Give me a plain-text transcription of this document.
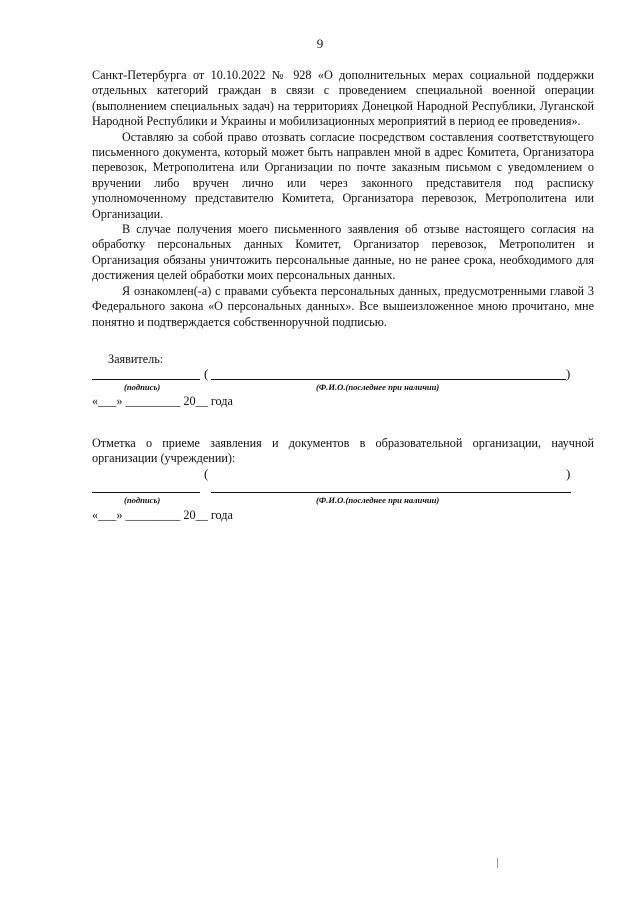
9

Санкт-Петербурга от 10.10.2022 № 928 «О дополнительных мерах социальной поддержки отдельных категорий граждан в связи с проведением специальной военной операции (выполнением специальных задач) на территориях Донецкой Народной Республики, Луганской Народной Республики и Украины и мобилизационных мероприятий в период ее проведения».

Оставляю за собой право отозвать согласие посредством составления соответствующего письменного документа, который может быть направлен мной в адрес Комитета, Организатора перевозок, Метрополитена или Организации по почте заказным письмом с уведомлением о вручении либо вручен лично или через законного представителя под расписку уполномоченному представителю Комитета, Организатора перевозок, Метрополитена или Организации.

В случае получения моего письменного заявления об отзыве настоящего согласия на обработку персональных данных Комитет, Организатор перевозок, Метрополитен и Организация обязаны уничтожить персональные данные, но не ранее срока, необходимого для достижения целей обработки моих персональных данных.

Я ознакомлен(-а) с правами субъекта персональных данных, предусмотренными главой 3 Федерального закона «О персональных данных». Все вышеизложенное мною прочитано, мне понятно и подтверждается собственноручной подписью.

Заявитель:
(	)
(подпись)	(Ф.И.О.(последнее при наличии)
«___» _________ 20__ года

Отметка о приеме заявления и документов в образовательной организации, научной организации (учреждении):

(	)
(подпись)	(Ф.И.О.(последнее при наличии)
«___» _________ 20__ года
